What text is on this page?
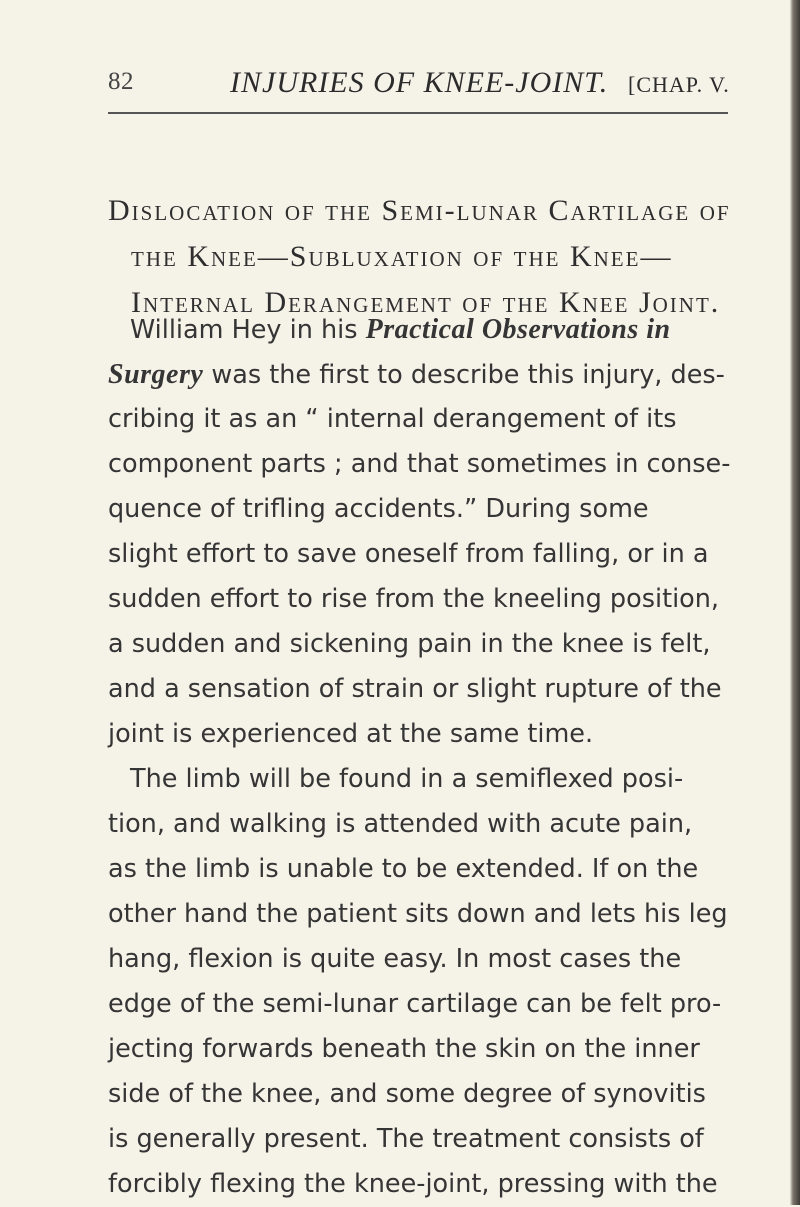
82	INJURIES OF KNEE-JOINT. [CHAP. V.
Dislocation of the Semi-lunar Cartilage of
the Knee—Subluxation of the Knee—
Internal Derangement of the Knee Joint.
William Hey in his Practical Observations in
Surgery was the first to describe this injury, des-
cribing it as an “ internal derangement of its
component parts ; and that sometimes in conse-
quence of trifling accidents.” During some
slight effort to save oneself from falling, or in a
sudden effort to rise from the kneeling position,
a sudden and sickening pain in the knee is felt,
and a sensation of strain or slight rupture of the
joint is experienced at the same time.
The limb will be found in a semiflexed posi-
tion, and walking is attended with acute pain,
as the limb is unable to be extended. If on the
other hand the patient sits down and lets his leg
hang, flexion is quite easy. In most cases the
edge of the semi-lunar cartilage can be felt pro-
jecting forwards beneath the skin on the inner
side of the knee, and some degree of synovitis
is generally present. The treatment consists of
forcibly flexing the knee-joint, pressing with the
